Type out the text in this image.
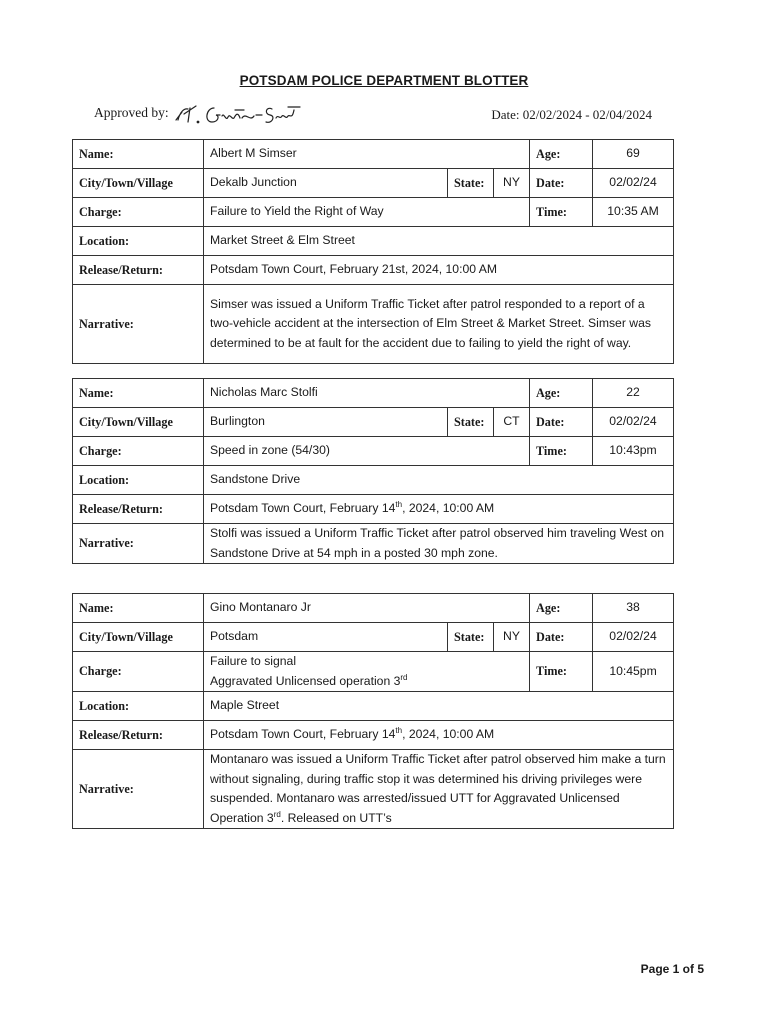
POTSDAM POLICE DEPARTMENT BLOTTER
Approved by:	Date: 02/02/2024 - 02/04/2024
Name:	Albert M Simser			Age:	69
City/Town/Village	Dekalb Junction	State:	NY	Date:	02/02/24
Charge:	Failure to Yield the Right of Way			Time:	10:35 AM
Location:	Market Street & Elm Street				
Release/Return:	Potsdam Town Court, February 21st, 2024, 10:00 AM				
Narrative:	Simser was issued a Uniform Traffic Ticket after patrol responded to a report of a two-vehicle accident at the intersection of Elm Street & Market Street. Simser was determined to be at fault for the accident due to failing to yield the right of way.				
Name:	Nicholas Marc Stolfi			Age:	22
City/Town/Village	Burlington	State:	CT	Date:	02/02/24
Charge:	Speed in zone (54/30)			Time:	10:43pm
Location:	Sandstone Drive				
Release/Return:	Potsdam Town Court, February 14th, 2024, 10:00 AM				
Narrative:	Stolfi was issued a Uniform Traffic Ticket after patrol observed him traveling West on Sandstone Drive at 54 mph in a posted 30 mph zone.				
Name:	Gino Montanaro Jr			Age:	38
City/Town/Village	Potsdam	State:	NY	Date:	02/02/24
Charge:	Failure to signal
Aggravated Unlicensed operation 3rd			Time:	10:45pm
Location:	Maple Street				
Release/Return:	Potsdam Town Court, February 14th, 2024, 10:00 AM				
Narrative:	Montanaro was issued a Uniform Traffic Ticket after patrol observed him make a turn without signaling, during traffic stop it was determined his driving privileges were suspended. Montanaro was arrested/issued UTT for Aggravated Unlicensed Operation 3rd. Released on UTT’s				
Page 1 of 5
